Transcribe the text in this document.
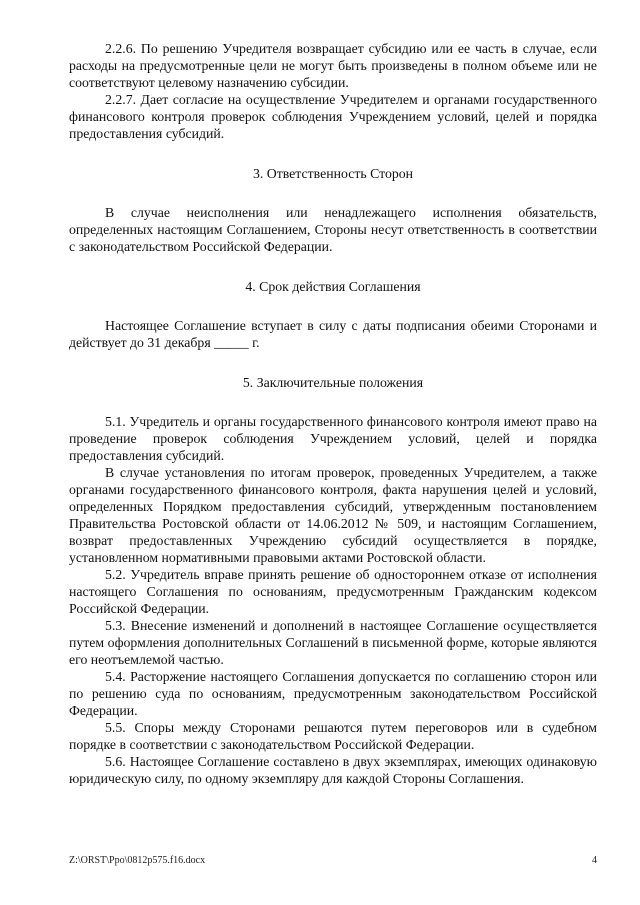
2.2.6. По решению Учредителя возвращает субсидию или ее часть в случае, если расходы на предусмотренные цели не могут быть произведены в полном объеме или не соответствуют целевому назначению субсидии.

2.2.7. Дает согласие на осуществление Учредителем и органами государственного финансового контроля проверок соблюдения Учреждением условий, целей и порядка предоставления субсидий.

3. Ответственность Сторон

В случае неисполнения или ненадлежащего исполнения обязательств, определенных настоящим Соглашением, Стороны несут ответственность в соответствии с законодательством Российской Федерации.

4. Срок действия Соглашения

Настоящее Соглашение вступает в силу с даты подписания обеими Сторонами и действует до 31 декабря _____ г.

5. Заключительные положения

5.1. Учредитель и органы государственного финансового контроля имеют право на проведение проверок соблюдения Учреждением условий, целей и порядка предоставления субсидий.

В случае установления по итогам проверок, проведенных Учредителем, а также органами государственного финансового контроля, факта нарушения целей и условий, определенных Порядком предоставления субсидий, утвержденным постановлением Правительства Ростовской области от 14.06.2012 № 509, и настоящим Соглашением, возврат предоставленных Учреждению субсидий осуществляется в порядке, установленном нормативными правовыми актами Ростовской области.

5.2. Учредитель вправе принять решение об одностороннем отказе от исполнения настоящего Соглашения по основаниям, предусмотренным Гражданским кодексом Российской Федерации.

5.3. Внесение изменений и дополнений в настоящее Соглашение осуществляется путем оформления дополнительных Соглашений в письменной форме, которые являются его неотъемлемой частью.

5.4. Расторжение настоящего Соглашения допускается по соглашению сторон или по решению суда по основаниям, предусмотренным законодательством Российской Федерации.

5.5. Споры между Сторонами решаются путем переговоров или в судебном порядке в соответствии с законодательством Российской Федерации.

5.6. Настоящее Соглашение составлено в двух экземплярах, имеющих одинаковую юридическую силу, по одному экземпляру для каждой Стороны Соглашения.

Z:\ORST\Ppo\0812p575.f16.docx	4
